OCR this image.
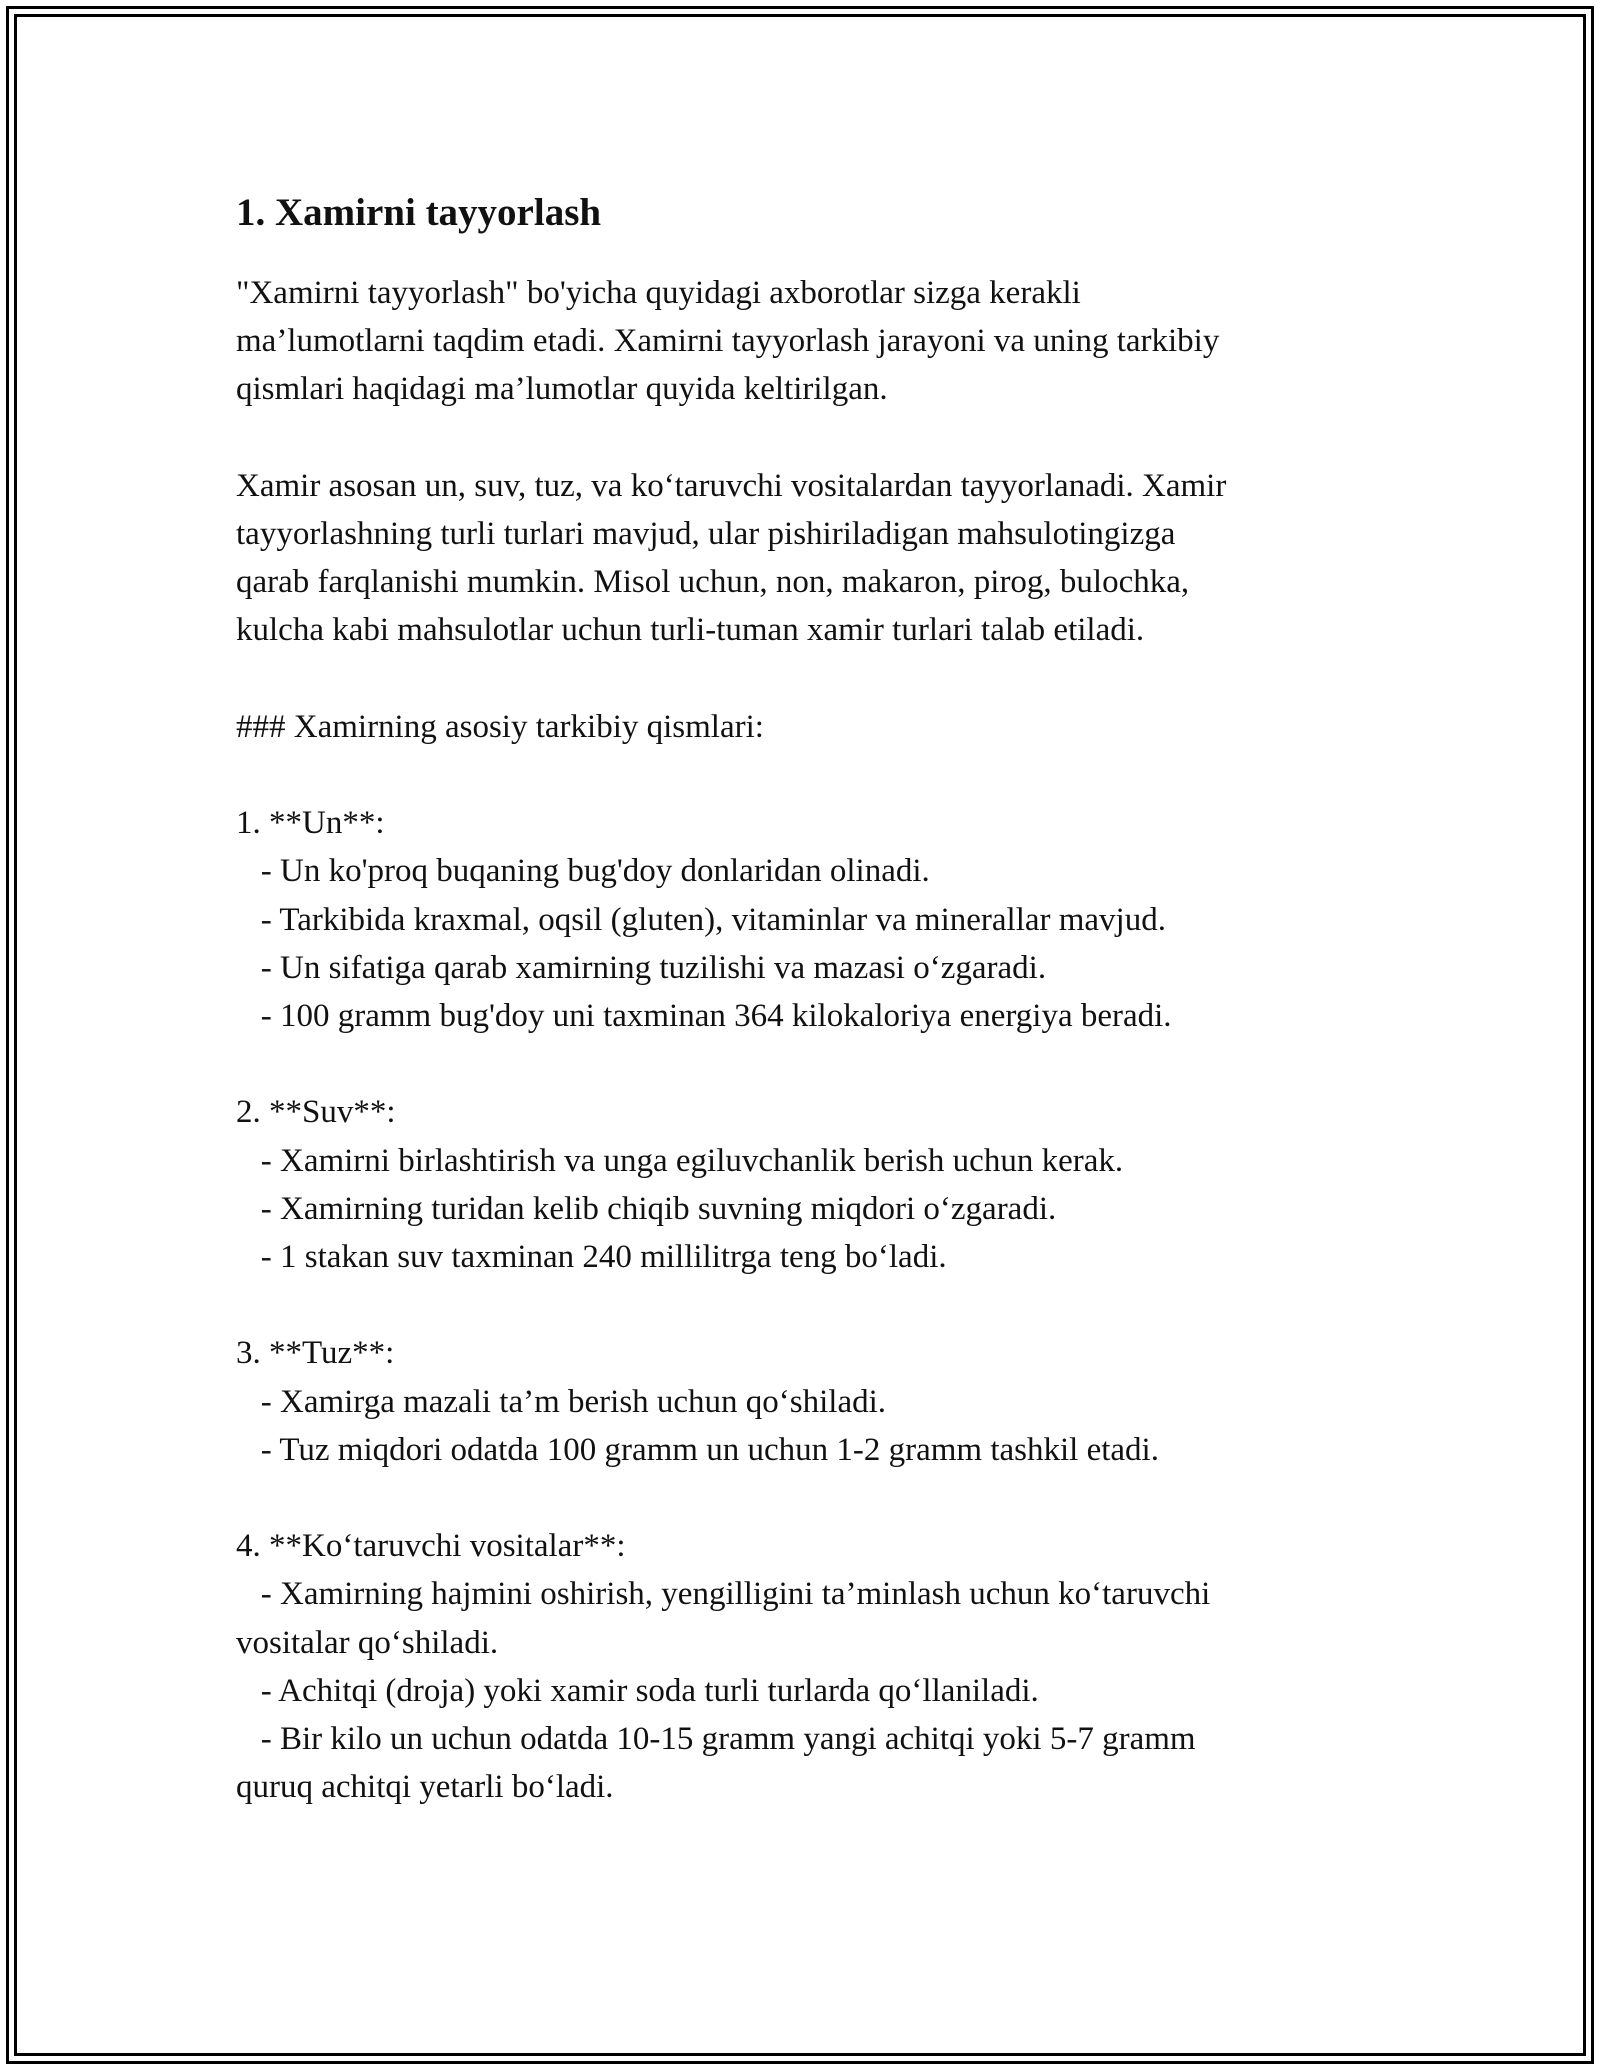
1. Xamirni tayyorlash

"Xamirni tayyorlash" bo'yicha quyidagi axborotlar sizga kerakli
ma’lumotlarni taqdim etadi. Xamirni tayyorlash jarayoni va uning tarkibiy
qismlari haqidagi ma’lumotlar quyida keltirilgan.

Xamir asosan un, suv, tuz, va koʻtaruvchi vositalardan tayyorlanadi. Xamir
tayyorlashning turli turlari mavjud, ular pishiriladigan mahsulotingizga
qarab farqlanishi mumkin. Misol uchun, non, makaron, pirog, bulochka,
kulcha kabi mahsulotlar uchun turli-tuman xamir turlari talab etiladi.

### Xamirning asosiy tarkibiy qismlari:

1. **Un**:
- Un ko'proq buqaning bug'doy donlaridan olinadi.
- Tarkibida kraxmal, oqsil (gluten), vitaminlar va minerallar mavjud.
- Un sifatiga qarab xamirning tuzilishi va mazasi oʻzgaradi.
- 100 gramm bug'doy uni taxminan 364 kilokaloriya energiya beradi.

2. **Suv**:
- Xamirni birlashtirish va unga egiluvchanlik berish uchun kerak.
- Xamirning turidan kelib chiqib suvning miqdori oʻzgaradi.
- 1 stakan suv taxminan 240 millilitrga teng boʻladi.

3. **Tuz**:
- Xamirga mazali ta’m berish uchun qoʻshiladi.
- Tuz miqdori odatda 100 gramm un uchun 1-2 gramm tashkil etadi.

4. **Koʻtaruvchi vositalar**:
- Xamirning hajmini oshirish, yengilligini ta’minlash uchun koʻtaruvchi
vositalar qoʻshiladi.
- Achitqi (droja) yoki xamir soda turli turlarda qoʻllaniladi.
- Bir kilo un uchun odatda 10-15 gramm yangi achitqi yoki 5-7 gramm
quruq achitqi yetarli boʻladi.
